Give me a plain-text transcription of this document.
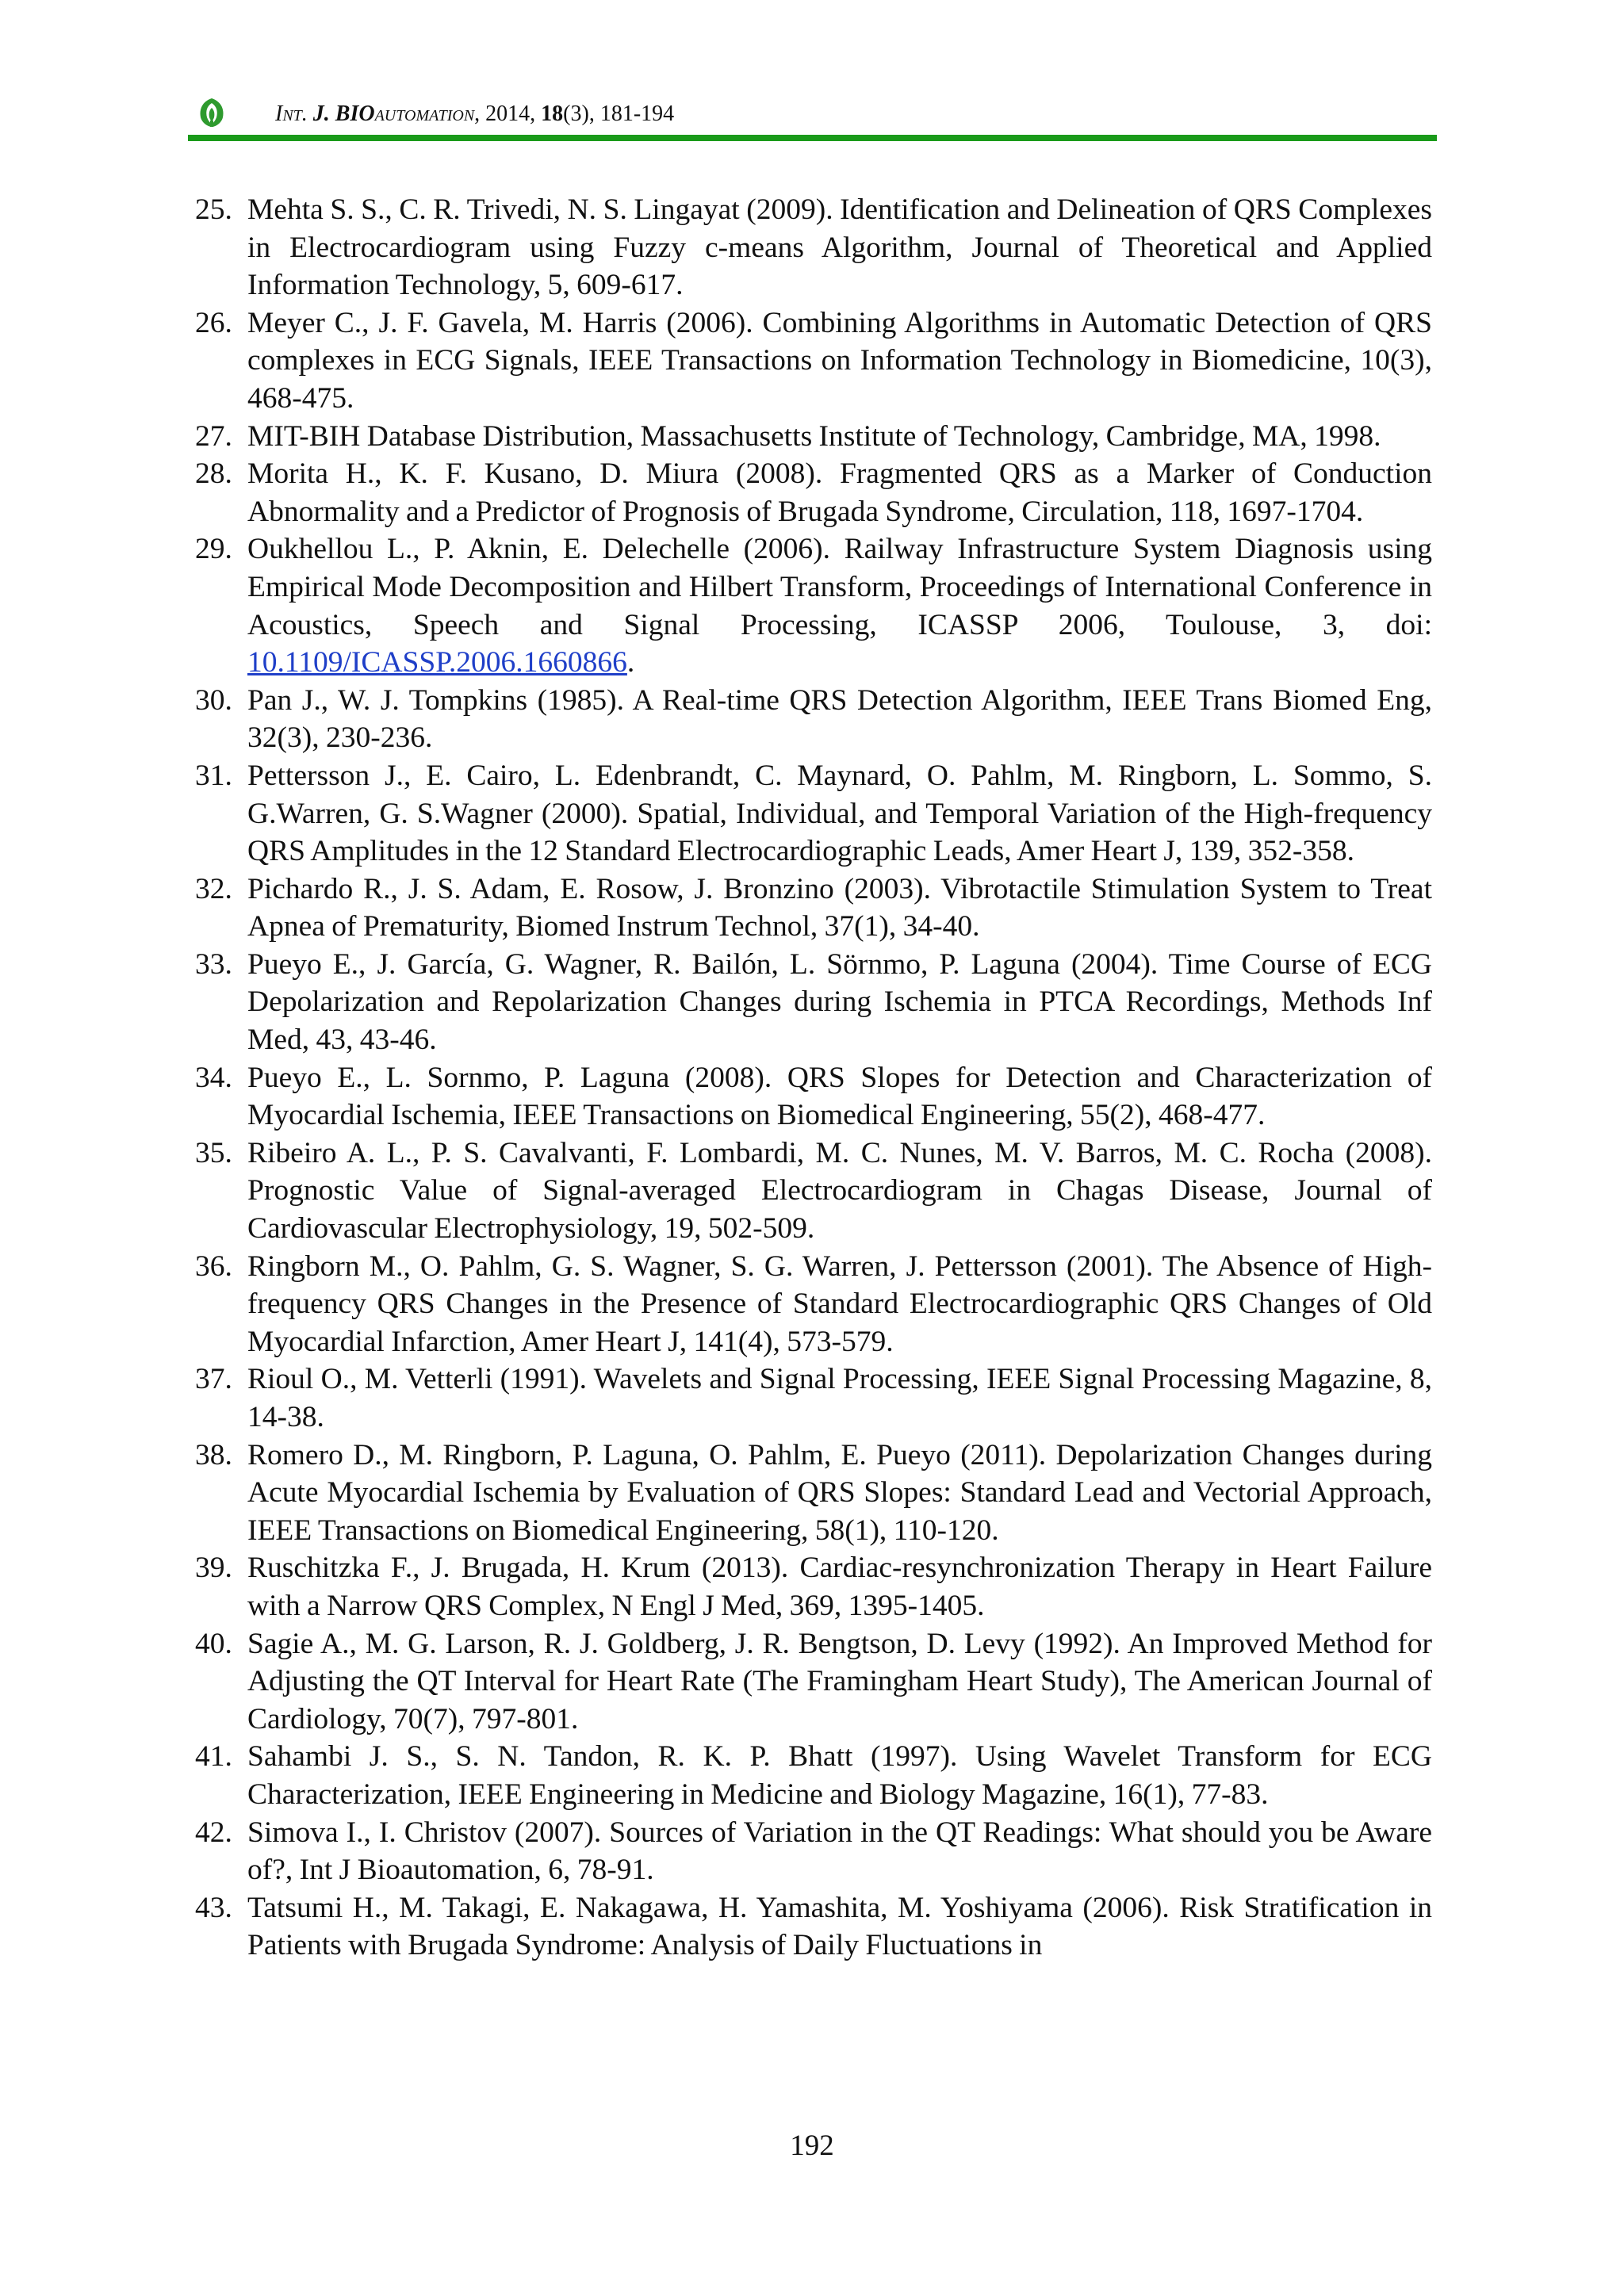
Int. J. BIOautomation, 2014, 18(3), 181-194
25. Mehta S. S., C. R. Trivedi, N. S. Lingayat (2009). Identification and Delineation of QRS Complexes in Electrocardiogram using Fuzzy c-means Algorithm, Journal of Theoretical and Applied Information Technology, 5, 609-617.
26. Meyer C., J. F. Gavela, M. Harris (2006). Combining Algorithms in Automatic Detection of QRS complexes in ECG Signals, IEEE Transactions on Information Technology in Biomedicine, 10(3), 468-475.
27. MIT-BIH Database Distribution, Massachusetts Institute of Technology, Cambridge, MA, 1998.
28. Morita H., K. F. Kusano, D. Miura (2008). Fragmented QRS as a Marker of Conduction Abnormality and a Predictor of Prognosis of Brugada Syndrome, Circulation, 118, 1697-1704.
29. Oukhellou L., P. Aknin, E. Delechelle (2006). Railway Infrastructure System Diagnosis using Empirical Mode Decomposition and Hilbert Transform, Proceedings of International Conference in Acoustics, Speech and Signal Processing, ICASSP 2006, Toulouse, 3, doi: 10.1109/ICASSP.2006.1660866.
30. Pan J., W. J. Tompkins (1985). A Real-time QRS Detection Algorithm, IEEE Trans Biomed Eng, 32(3), 230-236.
31. Pettersson J., E. Cairo, L. Edenbrandt, C. Maynard, O. Pahlm, M. Ringborn, L. Sommo, S. G.Warren, G. S.Wagner (2000). Spatial, Individual, and Temporal Variation of the High-frequency QRS Amplitudes in the 12 Standard Electrocardiographic Leads, Amer Heart J, 139, 352-358.
32. Pichardo R., J. S. Adam, E. Rosow, J. Bronzino (2003). Vibrotactile Stimulation System to Treat Apnea of Prematurity, Biomed Instrum Technol, 37(1), 34-40.
33. Pueyo E., J. García, G. Wagner, R. Bailón, L. Sörnmo, P. Laguna (2004). Time Course of ECG Depolarization and Repolarization Changes during Ischemia in PTCA Recordings, Methods Inf Med, 43, 43-46.
34. Pueyo E., L. Sornmo, P. Laguna (2008). QRS Slopes for Detection and Characterization of Myocardial Ischemia, IEEE Transactions on Biomedical Engineering, 55(2), 468-477.
35. Ribeiro A. L., P. S. Cavalvanti, F. Lombardi, M. C. Nunes, M. V. Barros, M. C. Rocha (2008). Prognostic Value of Signal-averaged Electrocardiogram in Chagas Disease, Journal of Cardiovascular Electrophysiology, 19, 502-509.
36. Ringborn M., O. Pahlm, G. S. Wagner, S. G. Warren, J. Pettersson (2001). The Absence of High-frequency QRS Changes in the Presence of Standard Electrocardiographic QRS Changes of Old Myocardial Infarction, Amer Heart J, 141(4), 573-579.
37. Rioul O., M. Vetterli (1991). Wavelets and Signal Processing, IEEE Signal Processing Magazine, 8, 14-38.
38. Romero D., M. Ringborn, P. Laguna, O. Pahlm, E. Pueyo (2011). Depolarization Changes during Acute Myocardial Ischemia by Evaluation of QRS Slopes: Standard Lead and Vectorial Approach, IEEE Transactions on Biomedical Engineering, 58(1), 110-120.
39. Ruschitzka F., J. Brugada, H. Krum (2013). Cardiac-resynchronization Therapy in Heart Failure with a Narrow QRS Complex, N Engl J Med, 369, 1395-1405.
40. Sagie A., M. G. Larson, R. J. Goldberg, J. R. Bengtson, D. Levy (1992). An Improved Method for Adjusting the QT Interval for Heart Rate (The Framingham Heart Study), The American Journal of Cardiology, 70(7), 797-801.
41. Sahambi J. S., S. N. Tandon, R. K. P. Bhatt (1997). Using Wavelet Transform for ECG Characterization, IEEE Engineering in Medicine and Biology Magazine, 16(1), 77-83.
42. Simova I., I. Christov (2007). Sources of Variation in the QT Readings: What should you be Aware of?, Int J Bioautomation, 6, 78-91.
43. Tatsumi H., M. Takagi, E. Nakagawa, H. Yamashita, M. Yoshiyama (2006). Risk Stratification in Patients with Brugada Syndrome: Analysis of Daily Fluctuations in
192
